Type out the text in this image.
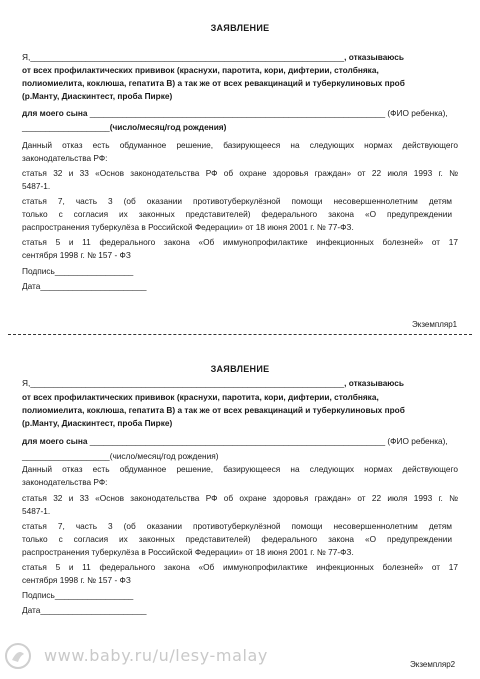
ЗАЯВЛЕНИЕ
Я,____________________________________________________________________, отказываюсь
от всех профилактических прививок (краснухи, паротита, кори, дифтерии, столбняка,
полиомиелита, коклюша, гепатита В) а так же от всех ревакцинаций и туберкулиновых проб
(р.Манту, Диаскинтест, проба Пирке)
для моего сына ________________________________________________________________ (ФИО ребенка),
___________________(число/месяц/год рождения)
Данный отказ есть обдуманное решение, базирующееся на следующих нормах действующего
законодательства РФ:
статья 32 и 33 «Основ законодательства РФ об охране здоровья граждан» от 22 июля 1993 г. №
5487-1.
статья 7, часть 3 (об оказании противотуберкулёзной помощи несовершеннолетним детям
только с согласия их законных представителей) федерального закона «О предупреждении
распространения туберкулёза в Российской Федерации» от 18 июня 2001 г. № 77-ФЗ.
статья 5 и 11 федерального закона «Об иммунопрофилактике инфекционных болезней» от 17
сентября 1998 г. № 157 - ФЗ
Подпись_________________
Дата_______________________
Экземпляр1
ЗАЯВЛЕНИЕ
Я,____________________________________________________________________, отказываюсь
от всех профилактических прививок (краснухи, паротита, кори, дифтерии, столбняка,
полиомиелита, коклюша, гепатита В) а так же от всех ревакцинаций и туберкулиновых проб
(р.Манту, Диаскинтест, проба Пирке)
для моего сына ________________________________________________________________ (ФИО ребенка),
___________________(число/месяц/год рождения)
Данный отказ есть обдуманное решение, базирующееся на следующих нормах действующего
законодательства РФ:
статья 32 и 33 «Основ законодательства РФ об охране здоровья граждан» от 22 июля 1993 г. №
5487-1.
статья 7, часть 3 (об оказании противотуберкулёзной помощи несовершеннолетним детям
только с согласия их законных представителей) федерального закона «О предупреждении
распространения туберкулёза в Российской Федерации» от 18 июня 2001 г. № 77-ФЗ.
статья 5 и 11 федерального закона «Об иммунопрофилактике инфекционных болезней» от 17
сентября 1998 г. № 157 - ФЗ
Подпись_________________
Дата_______________________
Экземпляр2
www.baby.ru/u/lesy-malay
